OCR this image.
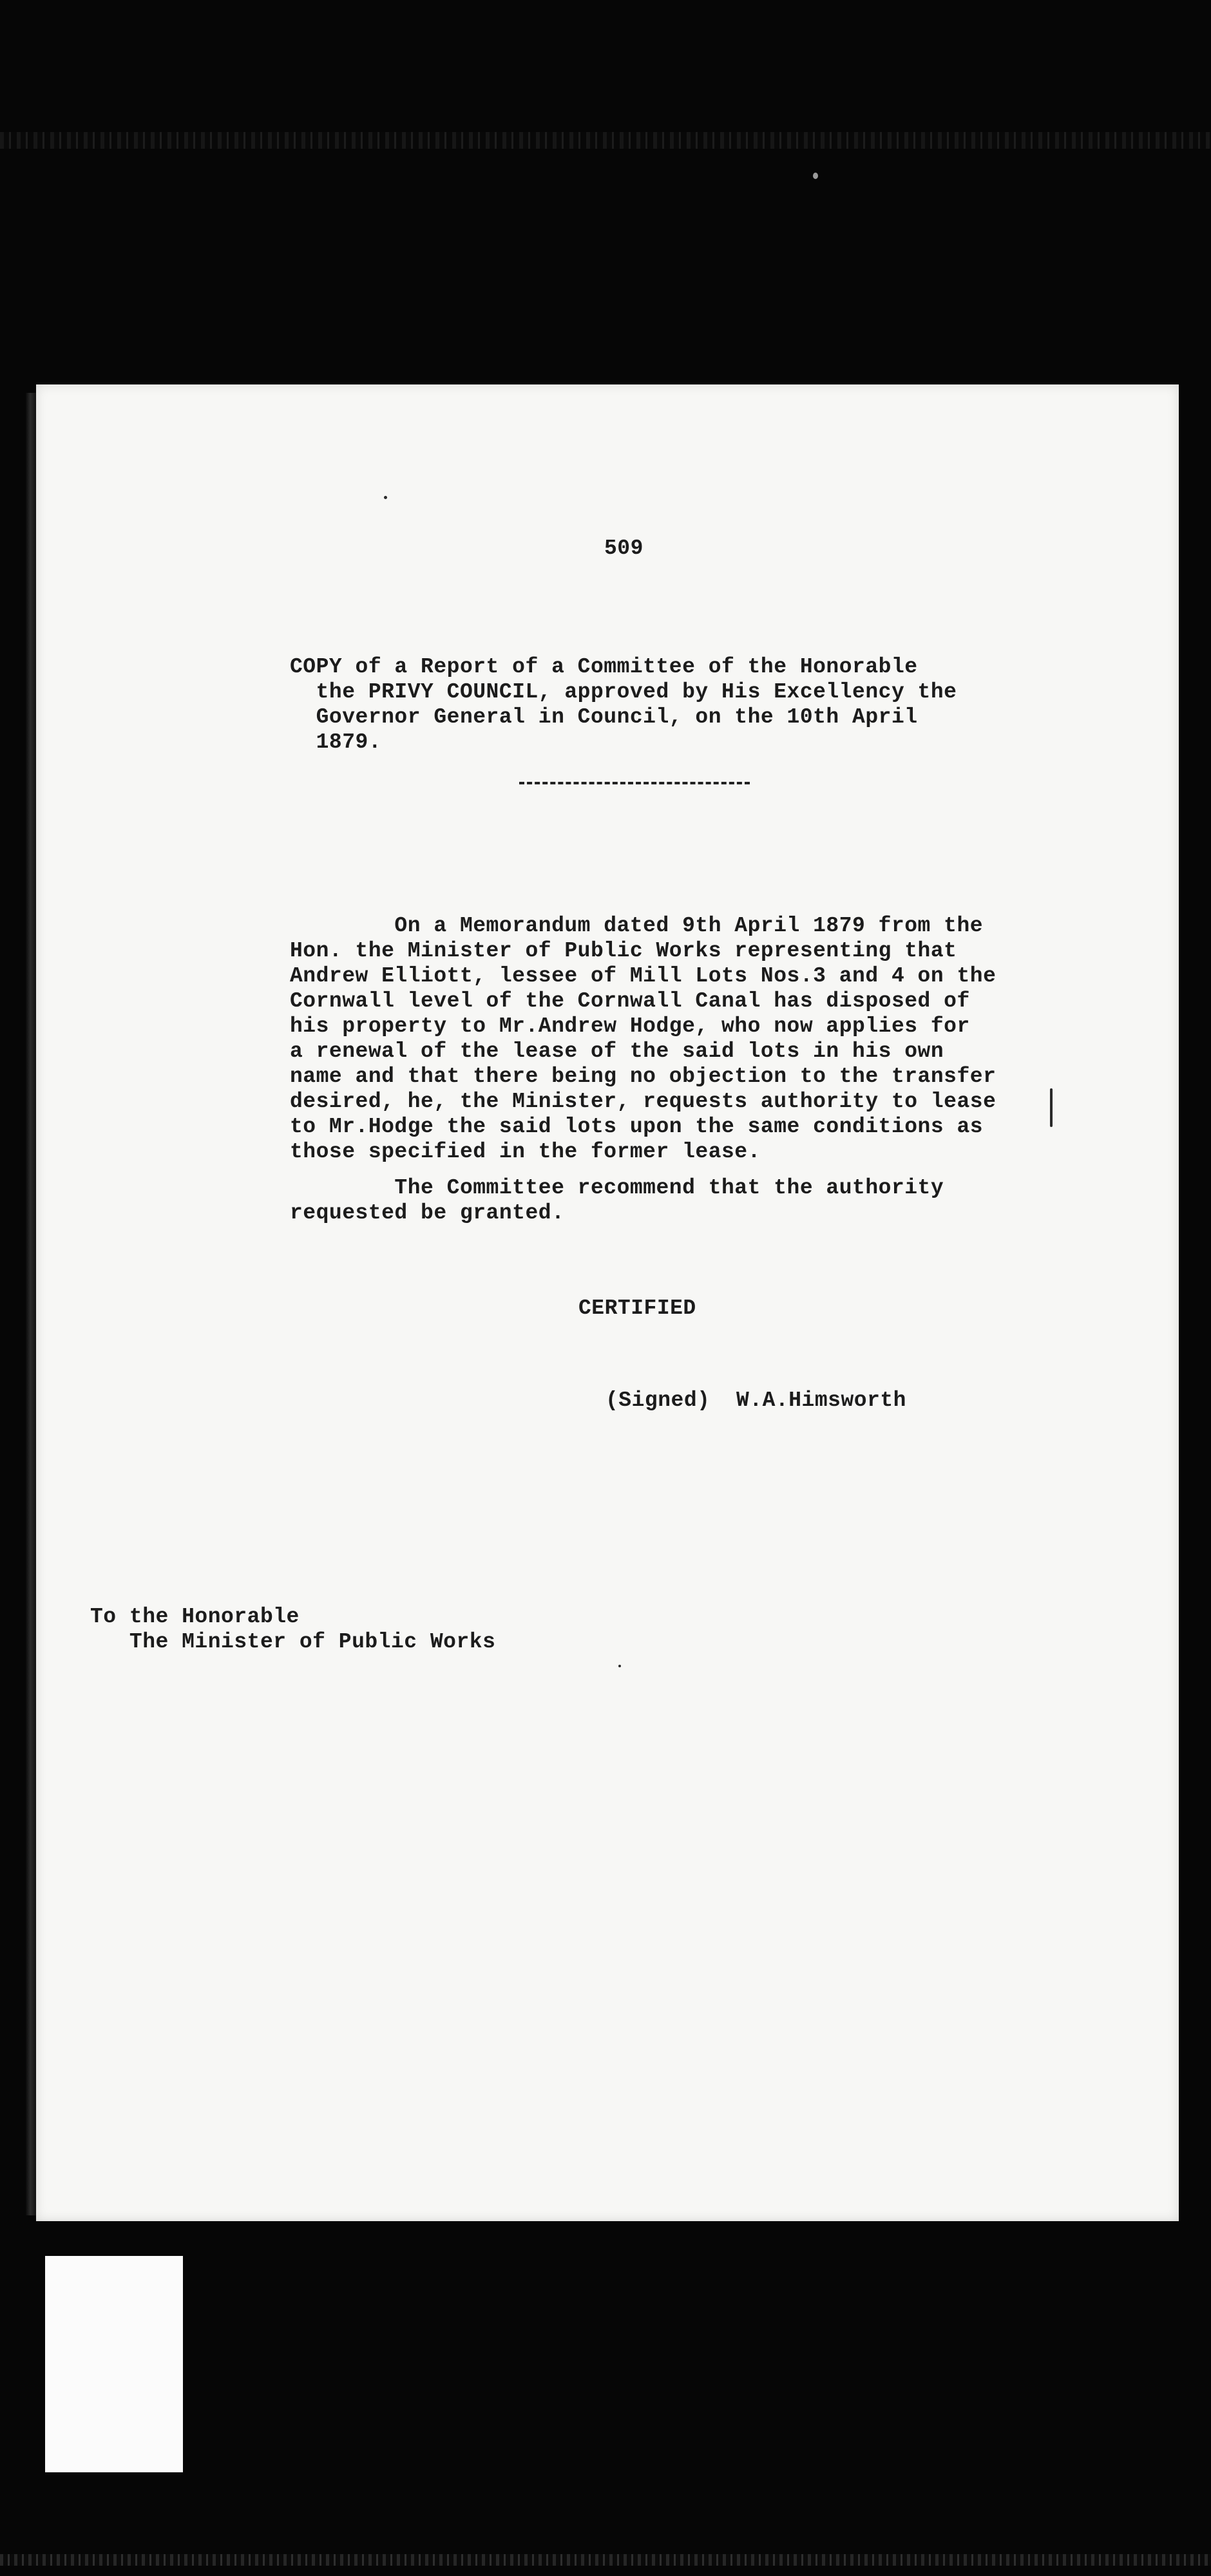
509
COPY of a Report of a Committee of the Honorable
the PRIVY COUNCIL, approved by His Excellency the
Governor General in Council, on the 10th April
1879.
On a Memorandum dated 9th April 1879 from the
Hon. the Minister of Public Works representing that
Andrew Elliott, lessee of Mill Lots Nos.3 and 4 on the
Cornwall level of the Cornwall Canal has disposed of
his property to Mr.Andrew Hodge, who now applies for
a renewal of the lease of the said lots in his own
name and that there being no objection to the transfer
desired, he, the Minister, requests authority to lease
to Mr.Hodge the said lots upon the same conditions as
those specified in the former lease.
The Committee recommend that the authority
requested be granted.
CERTIFIED
(Signed)  W.A.Himsworth
To the Honorable
The Minister of Public Works
